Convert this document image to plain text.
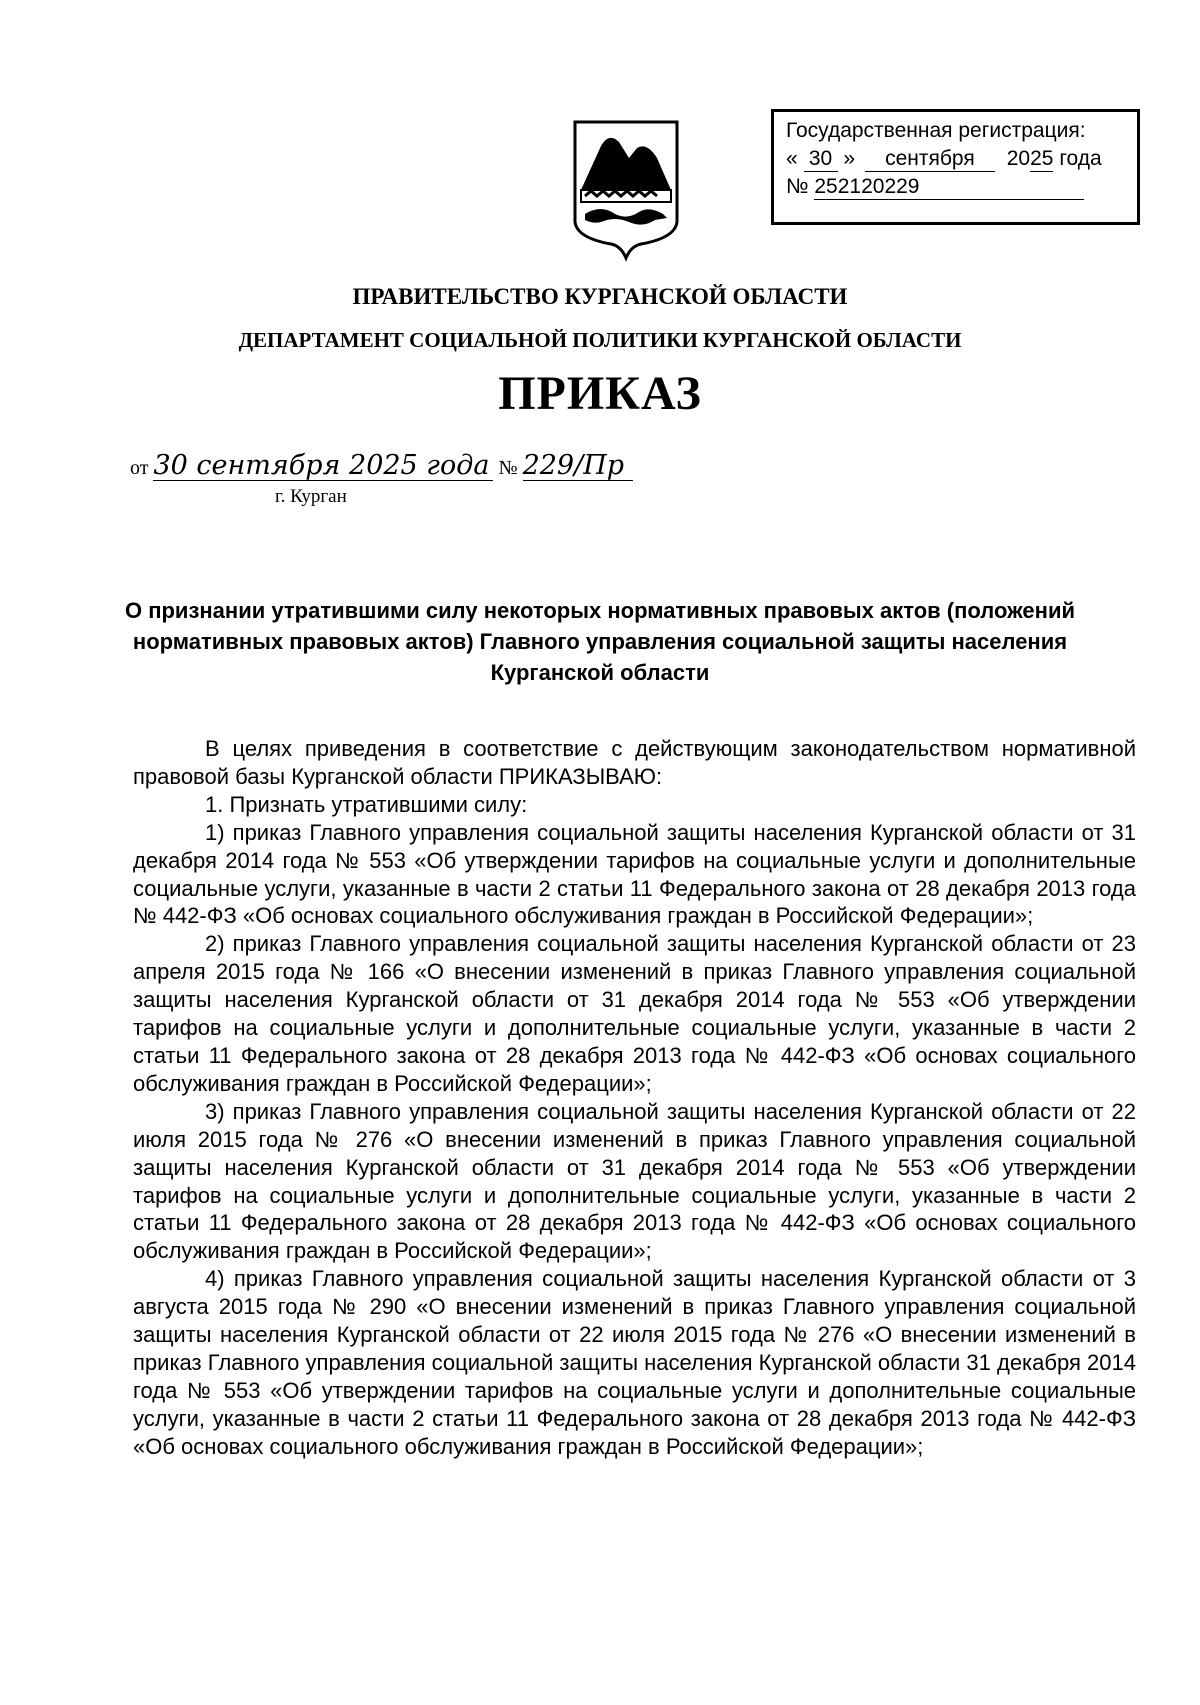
Государственная регистрация:
« 30 » сентября 2025 года
№ 252120229
ПРАВИТЕЛЬСТВО КУРГАНСКОЙ ОБЛАСТИ
ДЕПАРТАМЕНТ СОЦИАЛЬНОЙ ПОЛИТИКИ КУРГАНСКОЙ ОБЛАСТИ
ПРИКАЗ
от 30 сентября 2025 года № 229/Пр
г. Курган
О признании утратившими силу некоторых нормативных правовых актов (положений нормативных правовых актов) Главного управления социальной защиты населения Курганской области

В целях приведения в соответствие с действующим законодательством нормативной правовой базы Курганской области ПРИКАЗЫВАЮ:

1. Признать утратившими силу:

1) приказ Главного управления социальной защиты населения Курганской области от 31 декабря 2014 года № 553 «Об утверждении тарифов на социальные услуги и дополнительные социальные услуги, указанные в части 2 статьи 11 Федерального закона от 28 декабря 2013 года № 442-ФЗ «Об основах социального обслуживания граждан в Российской Федерации»;

2) приказ Главного управления социальной защиты населения Курганской области от 23 апреля 2015 года № 166 «О внесении изменений в приказ Главного управления социальной защиты населения Курганской области от 31 декабря 2014 года № 553 «Об утверждении тарифов на социальные услуги и дополнительные социальные услуги, указанные в части 2 статьи 11 Федерального закона от 28 декабря 2013 года № 442-ФЗ «Об основах социального обслуживания граждан в Российской Федерации»;

3) приказ Главного управления социальной защиты населения Курганской области от 22 июля 2015 года № 276 «О внесении изменений в приказ Главного управления социальной защиты населения Курганской области от 31 декабря 2014 года № 553 «Об утверждении тарифов на социальные услуги и дополнительные социальные услуги, указанные в части 2 статьи 11 Федерального закона от 28 декабря 2013 года № 442-ФЗ «Об основах социального обслуживания граждан в Российской Федерации»;

4) приказ Главного управления социальной защиты населения Курганской области от 3 августа 2015 года № 290 «О внесении изменений в приказ Главного управления социальной защиты населения Курганской области от 22 июля 2015 года № 276 «О внесении изменений в приказ Главного управления социальной защиты населения Курганской области 31 декабря 2014 года № 553 «Об утверждении тарифов на социальные услуги и дополнительные социальные услуги, указанные в части 2 статьи 11 Федерального закона от 28 декабря 2013 года № 442-ФЗ «Об основах социального обслуживания граждан в Российской Федерации»;
